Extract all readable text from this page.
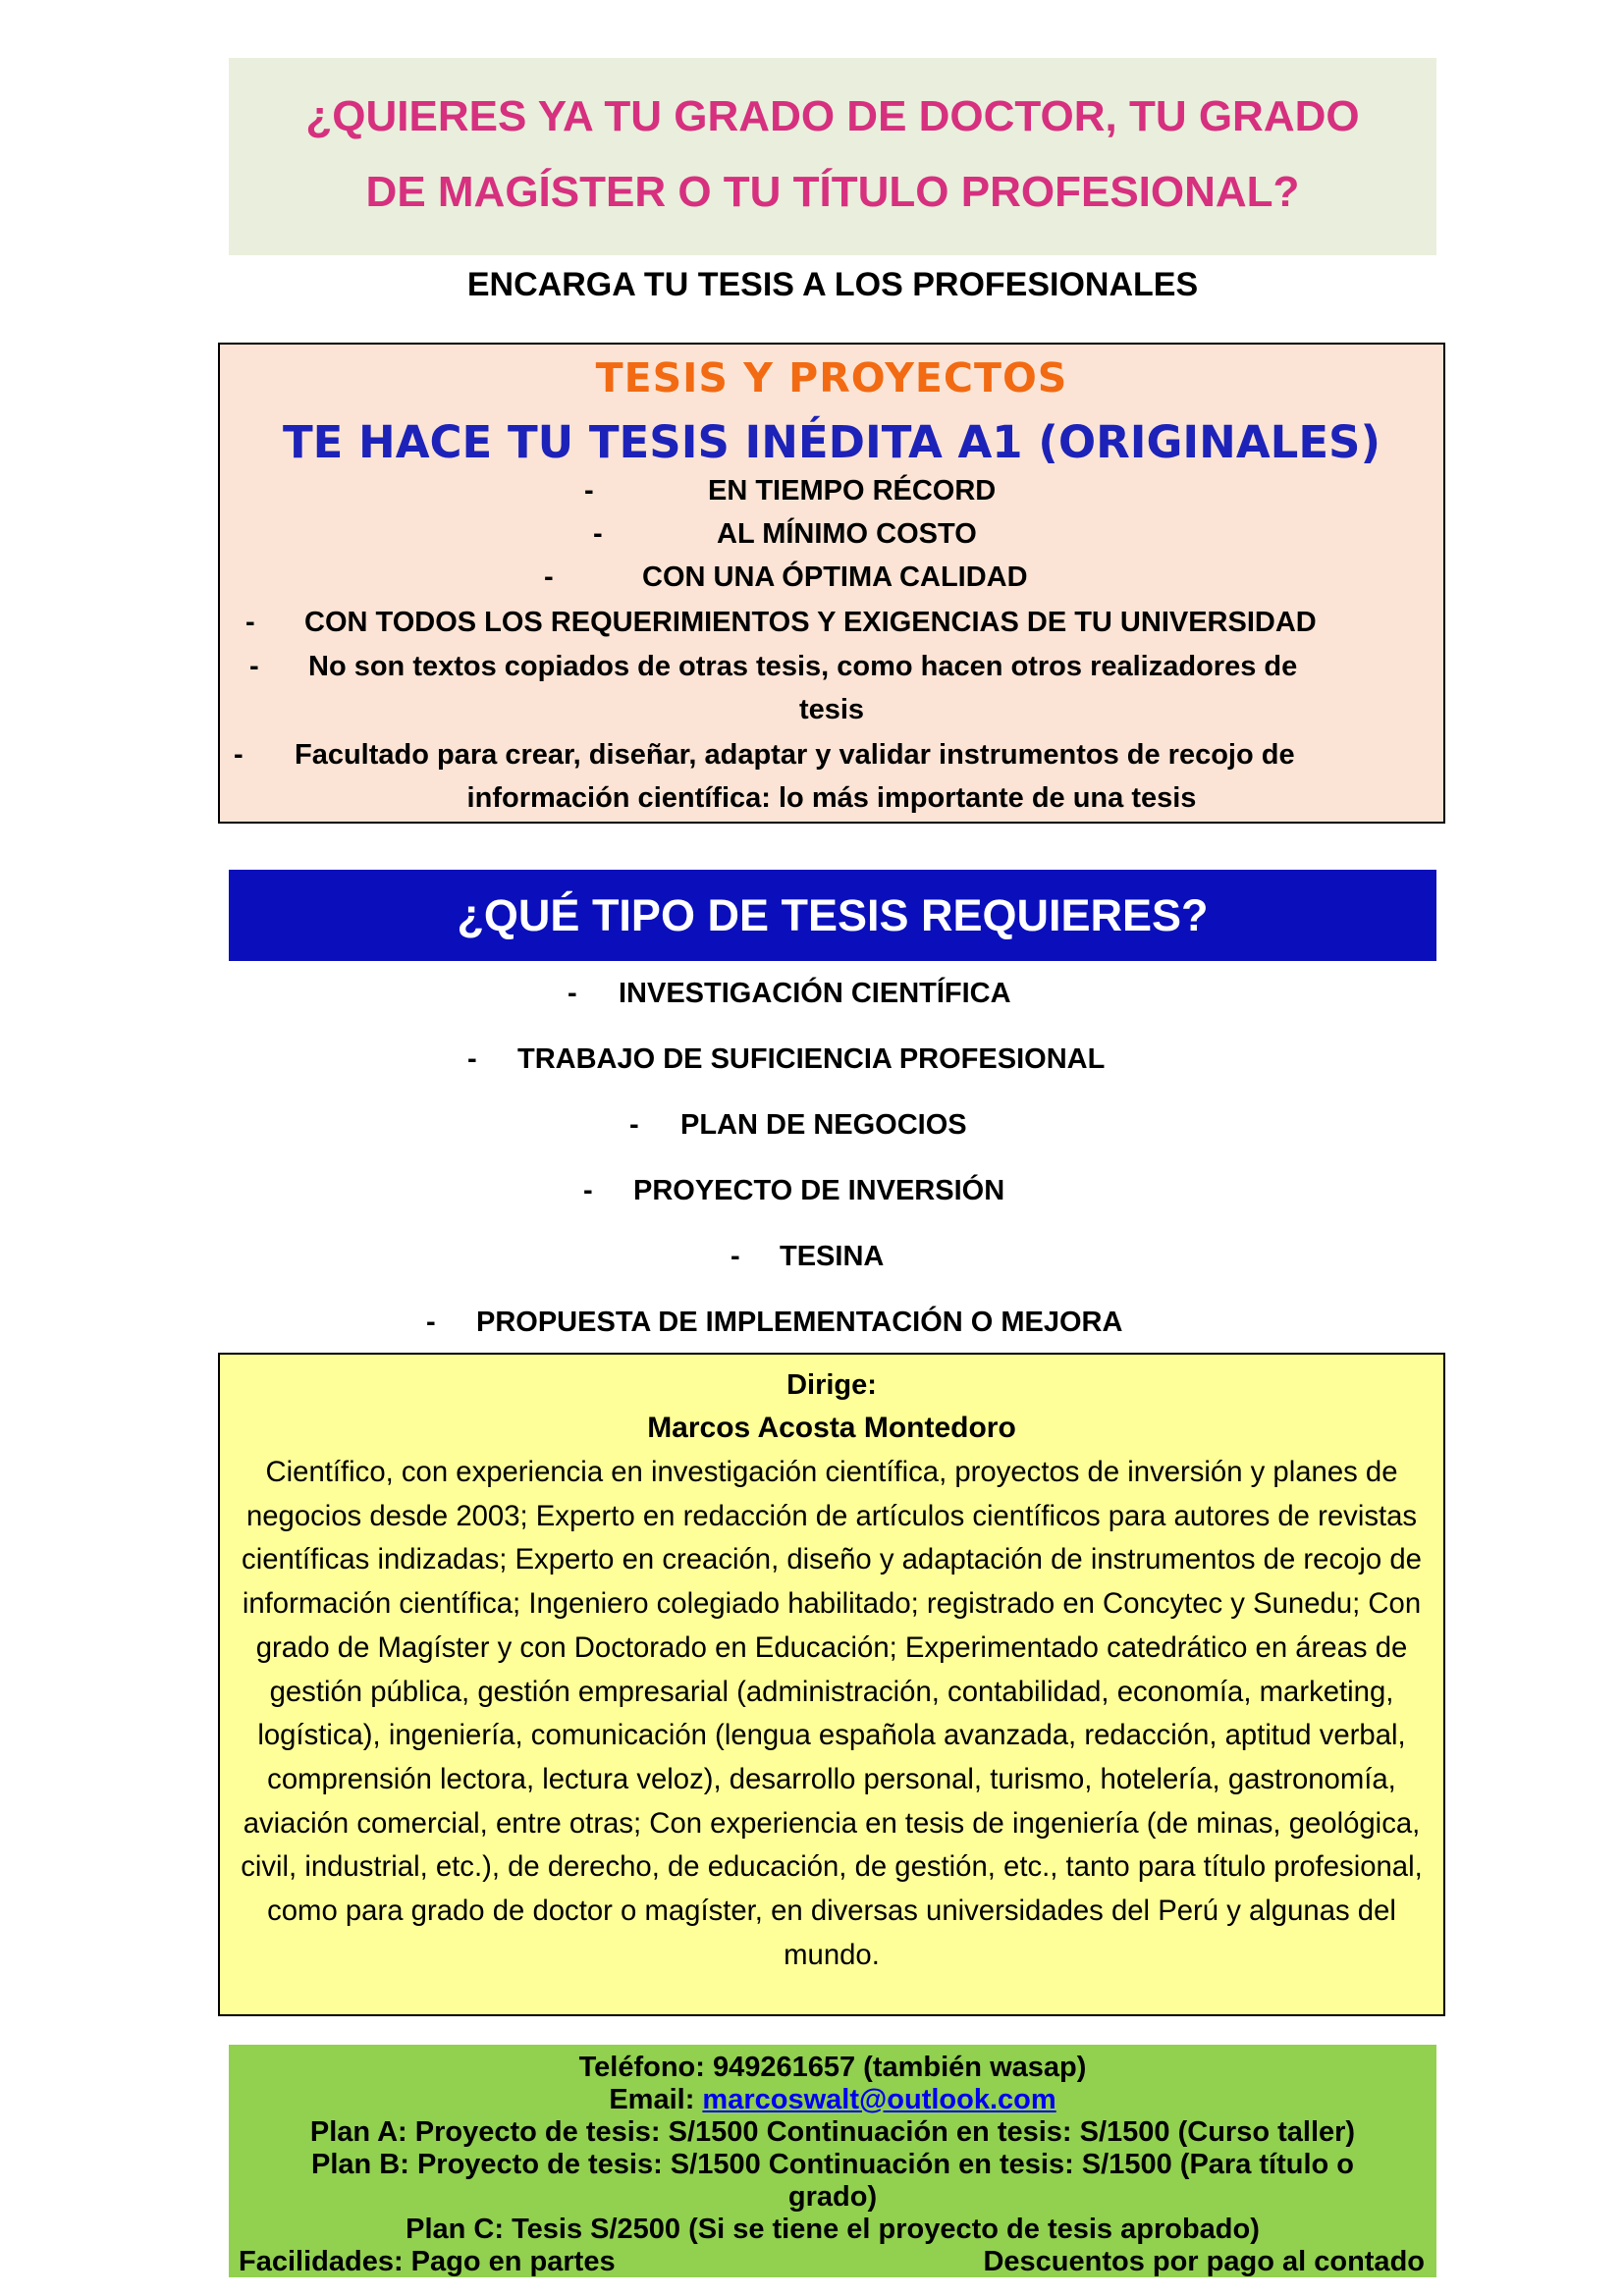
¿QUIERES YA TU GRADO DE DOCTOR, TU GRADO
DE MAGÍSTER O TU TÍTULO PROFESIONAL?
ENCARGA TU TESIS A LOS PROFESIONALES
TESIS Y PROYECTOS
TE HACE TU TESIS INÉDITA A1 (ORIGINALES)
-	EN TIEMPO RÉCORD
-	AL MÍNIMO COSTO
-	CON UNA ÓPTIMA CALIDAD
- CON TODOS LOS REQUERIMIENTOS Y EXIGENCIAS DE TU UNIVERSIDAD
- No son textos copiados de otras tesis, como hacen otros realizadores de
tesis
- Facultado para crear, diseñar, adaptar y validar instrumentos de recojo de
información científica: lo más importante de una tesis
¿QUÉ TIPO DE TESIS REQUIERES?
- INVESTIGACIÓN CIENTÍFICA
- TRABAJO DE SUFICIENCIA PROFESIONAL
- PLAN DE NEGOCIOS
- PROYECTO DE INVERSIÓN
- TESINA
- PROPUESTA DE IMPLEMENTACIÓN O MEJORA
Dirige:
Marcos Acosta Montedoro
Científico, con experiencia en investigación científica, proyectos de inversión y planes de negocios desde 2003; Experto en redacción de artículos científicos para autores de revistas científicas indizadas; Experto en creación, diseño y adaptación de instrumentos de recojo de información científica; Ingeniero colegiado habilitado; registrado en Concytec y Sunedu; Con grado de Magíster y con Doctorado en Educación; Experimentado catedrático en áreas de gestión pública, gestión empresarial (administración, contabilidad, economía, marketing, logística), ingeniería, comunicación (lengua española avanzada, redacción, aptitud verbal, comprensión lectora, lectura veloz), desarrollo personal, turismo, hotelería, gastronomía, aviación comercial, entre otras; Con experiencia en tesis de ingeniería (de minas, geológica, civil, industrial, etc.), de derecho, de educación, de gestión, etc., tanto para título profesional, como para grado de doctor o magíster, en diversas universidades del Perú y algunas del mundo.
Teléfono: 949261657 (también wasap)
Email: marcoswalt@outlook.com
Plan A: Proyecto de tesis: S/1500 Continuación en tesis: S/1500 (Curso taller)
Plan B: Proyecto de tesis: S/1500 Continuación en tesis: S/1500 (Para título o
grado)
Plan C: Tesis S/2500 (Si se tiene el proyecto de tesis aprobado)
Facilidades: Pago en partes	Descuentos por pago al contado
